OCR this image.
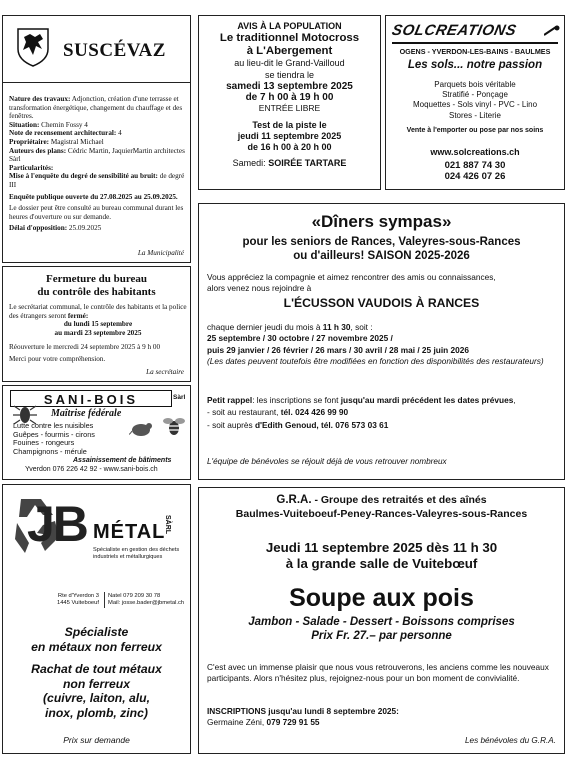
SUSCÉVAZ

Nature des travaux: Adjonction, création d'une terrasse et transformation énergétique, changement du chauffage et des fenêtres.

Situation: Chemin Fossy 4

Note de recensement architectural: 4

Propriétaire: Magistral Michael

Auteurs des plans: Cédric Martin, JaquierMartin architectes Sàrl

Particularités:

Mise à l'enquête du degré de sensibilité au bruit: de degré III

Enquête publique ouverte du 27.08.2025 au 25.09.2025.

Le dossier peut être consulté au bureau communal durant les heures d'ouverture ou sur demande.

Délai d'opposition: 25.09.2025

La Municipalité
Fermeture du bureau
du contrôle des habitants

Le secrétariat communal, le contrôle des habitants et la police des étrangers seront fermé:

du lundi 15 septembre

au mardi 23 septembre 2025

Réouverture le mercredi 24 septembre 2025 à 9 h 00

Merci pour votre compréhension.

La secrétaire
SANI-BOIS	Sàrl
Maîtrise fédérale
Lutte contre les nuisibles
Guêpes - fourmis - cirons
Fouines - rongeurs
Champignons - mérule
Assainissement de bâtiments
Yverdon 076 226 42 92 - www.sani-bois.ch
JB MÉTAL
SÀRL
Spécialiste en gestion des déchets industriels et métallurgiques
Rte d'Yverdon 3
1445 Vuiteboeuf
Natel 079 209 30 78
Mail: josse.bader@jbmetal.ch
Spécialiste
en métaux non ferreux
Rachat de tout métaux
non ferreux
(cuivre, laiton, alu,
inox, plomb, zinc)
Prix sur demande
AVIS À LA POPULATION
Le traditionnel Motocross
à L'Abergement
au lieu-dit le Grand-Vailloud
se tiendra le
samedi 13 septembre 2025
de 7 h 00 à 19 h 00
ENTRÉE LIBRE
Test de la piste le
jeudi 11 septembre 2025
de 16 h 00 à 20 h 00
Samedi: SOIRÉE TARTARE
SOLCREATIONS
OGENS - YVERDON-LES-BAINS - BAULMES
Les sols... notre passion
Parquets bois véritable
Stratifié - Ponçage
Moquettes - Sols vinyl - PVC - Lino
Stores - Literie
Vente à l'emporter ou pose par nos soins
www.solcreations.ch
021 887 74 30
024 426 07 26
«Dîners sympas»
pour les seniors de Rances, Valeyres-sous-Rances
ou d'ailleurs! SAISON 2025-2026
Vous appréciez la compagnie et aimez rencontrer des amis ou connaissances, alors venez nous rejoindre à
L'ÉCUSSON VAUDOIS À RANCES
chaque dernier jeudi du mois à 11 h 30, soit :
25 septembre / 30 octobre / 27 novembre 2025 /
puis 29 janvier / 26 février / 26 mars / 30 avril / 28 mai / 25 juin 2026
(Les dates peuvent toutefois être modifiées en fonction des disponibilités des restaurateurs)
Petit rappel: les inscriptions se font jusqu'au mardi précédent les dates prévues,
- soit au restaurant, tél. 024 426 99 90
- soit auprès d'Edith Genoud, tél. 076 573 03 61
L'équipe de bénévoles se réjouit déjà de vous retrouver nombreux
G.R.A. - Groupe des retraités et des aînés
Baulmes-Vuiteboeuf-Peney-Rances-Valeyres-sous-Rances
Jeudi 11 septembre 2025 dès 11 h 30
à la grande salle de Vuitebœuf
Soupe aux pois
Jambon - Salade - Dessert - Boissons comprises
Prix Fr. 27.– par personne
C'est avec un immense plaisir que nous vous retrouverons, les anciens comme les nouveaux participants. Alors n'hésitez plus, rejoignez-nous pour un bon moment de convivialité.
INSCRIPTIONS jusqu'au lundi 8 septembre 2025:
Germaine Zéni, 079 729 91 55
Les bénévoles du G.R.A.
